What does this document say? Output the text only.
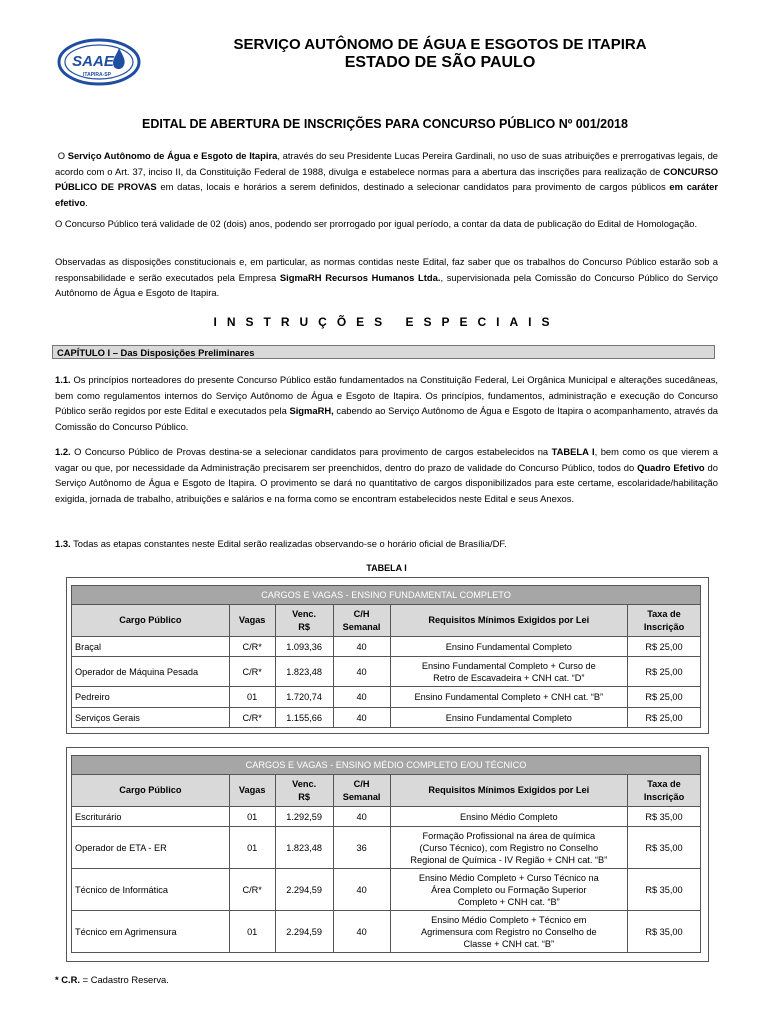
SAAE
ITAPIRA-SP
SERVIÇO AUTÔNOMO DE ÁGUA E ESGOTOS DE ITAPIRA
ESTADO DE SÃO PAULO
EDITAL DE ABERTURA DE INSCRIÇÕES PARA CONCURSO PÚBLICO Nº 001/2018

O Serviço Autônomo de Água e Esgoto de Itapira, através do seu Presidente Lucas Pereira Gardinali, no uso de suas atribuições e prerrogativas legais, de acordo com o Art. 37, inciso II, da Constituição Federal de 1988, divulga e estabelece normas para a abertura das inscrições para realização de CONCURSO PÚBLICO DE PROVAS em datas, locais e horários a serem definidos, destinado a selecionar candidatos para provimento de cargos públicos em caráter efetivo.

O Concurso Público terá validade de 02 (dois) anos, podendo ser prorrogado por igual período, a contar da data de publicação do Edital de Homologação.

Observadas as disposições constitucionais e, em particular, as normas contidas neste Edital, faz saber que os trabalhos do Concurso Público estarão sob a responsabilidade e serão executados pela Empresa SigmaRH Recursos Humanos Ltda., supervisionada pela Comissão do Concurso Público do Serviço Autônomo de Água e Esgoto de Itapira.

INSTRUÇÕES ESPECIAIS
CAPÍTULO I – Das Disposições Preliminares

1.1. Os princípios norteadores do presente Concurso Público estão fundamentados na Constituição Federal, Lei Orgânica Municipal e alterações sucedâneas, bem como regulamentos internos do Serviço Autônomo de Água e Esgoto de Itapira. Os princípios, fundamentos, administração e execução do Concurso Público serão regidos por este Edital e executados pela SigmaRH, cabendo ao Serviço Autônomo de Água e Esgoto de Itapira o acompanhamento, através da Comissão do Concurso Público.

1.2. O Concurso Público de Provas destina-se a selecionar candidatos para provimento de cargos estabelecidos na TABELA I, bem como os que vierem a vagar ou que, por necessidade da Administração precisarem ser preenchidos, dentro do prazo de validade do Concurso Público, todos do Quadro Efetivo do Serviço Autônomo de Água e Esgoto de Itapira. O provimento se dará no quantitativo de cargos disponibilizados para este certame, escolaridade/habilitação exigida, jornada de trabalho, atribuições e salários e na forma como se encontram estabelecidos neste Edital e seus Anexos.

1.3. Todas as etapas constantes neste Edital serão realizadas observando-se o horário oficial de Brasília/DF.

TABELA I
CARGOS E VAGAS - ENSINO FUNDAMENTAL COMPLETO					
Cargo Público	Vagas	Venc.
R$	C/H
Semanal	Requisitos Mínimos Exigidos por Lei	Taxa de
Inscrição
Braçal	C/R*	1.093,36	40	Ensino Fundamental Completo	R$ 25,00
Operador de Máquina Pesada	C/R*	1.823,48	40	Ensino Fundamental Completo + Curso de
Retro de Escavadeira + CNH cat. “D”	R$ 25,00
Pedreiro	01	1.720,74	40	Ensino Fundamental Completo + CNH cat. “B”	R$ 25,00
Serviços Gerais	C/R*	1.155,66	40	Ensino Fundamental Completo	R$ 25,00
CARGOS E VAGAS - ENSINO MÉDIO COMPLETO E/OU TÉCNICO					
Cargo Público	Vagas	Venc.
R$	C/H
Semanal	Requisitos Mínimos Exigidos por Lei	Taxa de
Inscrição
Escriturário	01	1.292,59	40	Ensino Médio Completo	R$ 35,00
Operador de ETA - ER	01	1.823,48	36	Formação Profissional na área de química
(Curso Técnico), com Registro no Conselho
Regional de Química - IV Região + CNH cat. “B”	R$ 35,00
Técnico de Informática	C/R*	2.294,59	40	Ensino Médio Completo + Curso Técnico na
Área Completo ou Formação Superior
Completo + CNH cat. “B”	R$ 35,00
Técnico em Agrimensura	01	2.294,59	40	Ensino Médio Completo + Técnico em
Agrimensura com Registro no Conselho de
Classe + CNH cat. “B”	R$ 35,00
* C.R. = Cadastro Reserva.
